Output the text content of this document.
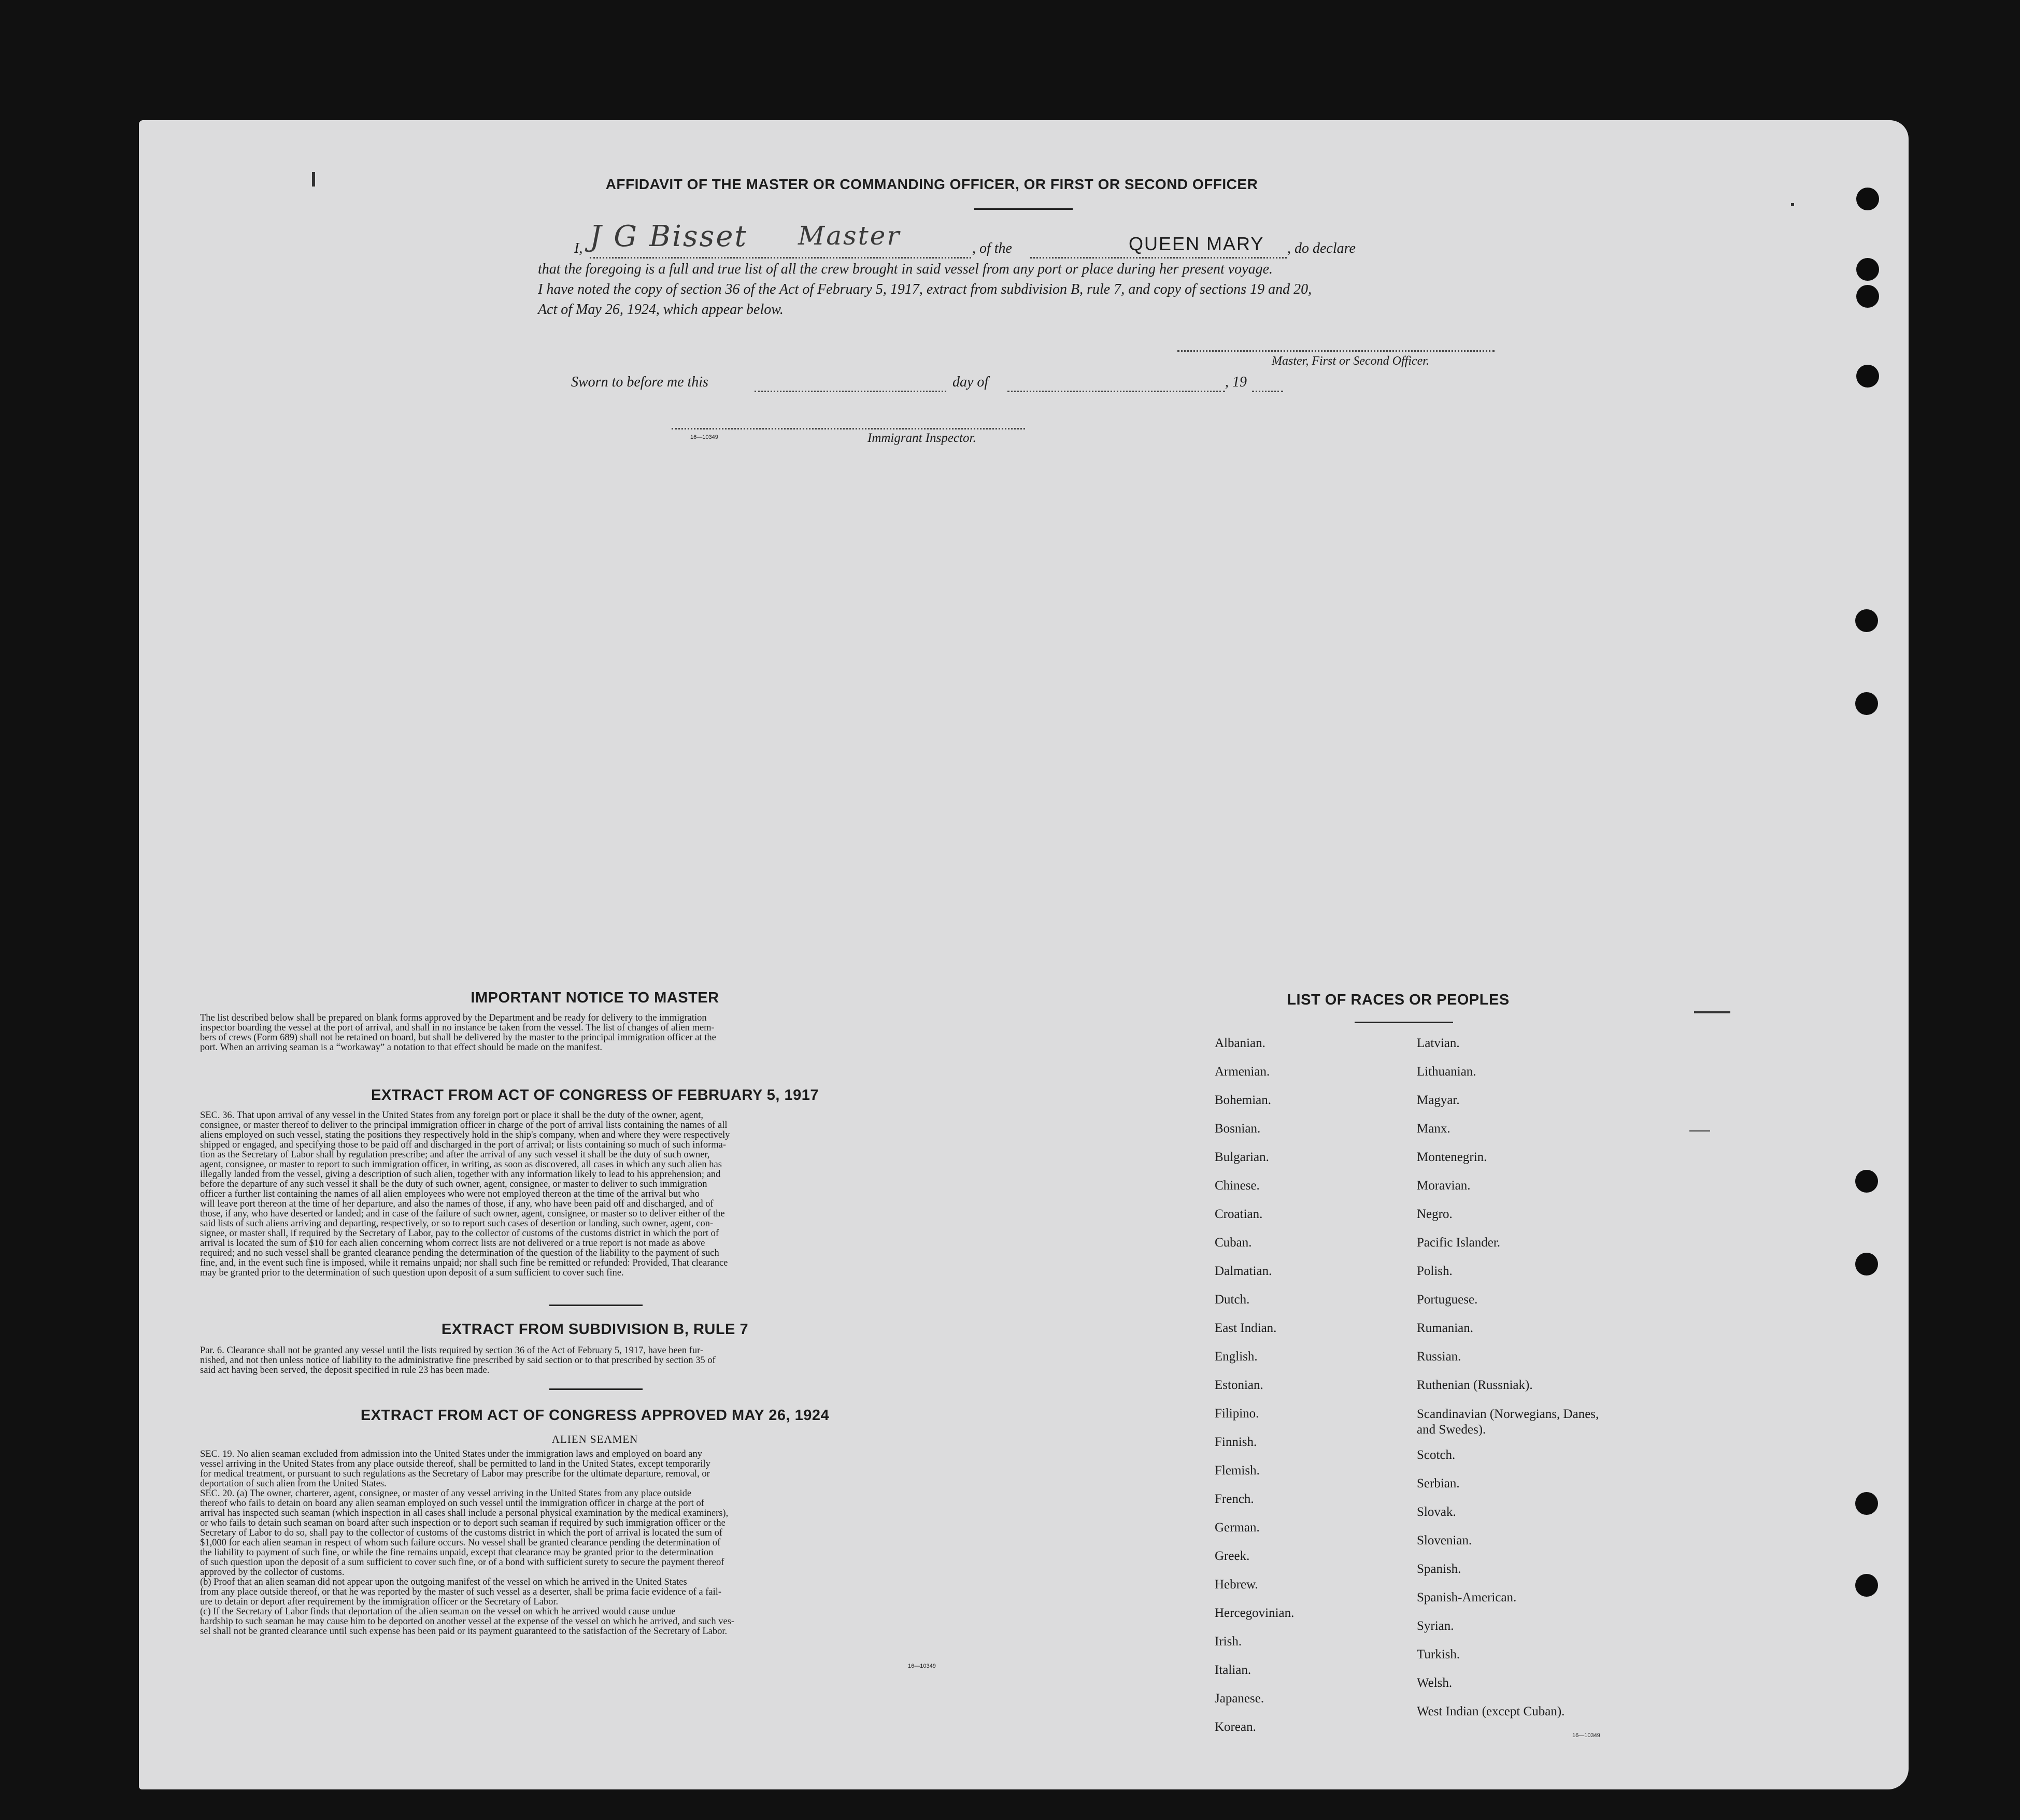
AFFIDAVIT OF THE MASTER OR COMMANDING OFFICER, OR FIRST OR SECOND OFFICER
I, J G Bisset Master	, of the	QUEEN MARY , do declare
that the foregoing is a full and true list of all the crew brought in said vessel from any port or place during her present voyage.
I have noted the copy of section 36 of the Act of February 5, 1917, extract from subdivision B, rule 7, and copy of sections 19 and 20,
Act of May 26, 1924, which appear below.
Master, First or Second Officer.
Sworn to before me this	day of	, 19
16—10349	Immigrant Inspector.
IMPORTANT NOTICE TO MASTER
The list described below shall be prepared on blank forms approved by the Department and be ready for delivery to the immigration
inspector boarding the vessel at the port of arrival, and shall in no instance be taken from the vessel. The list of changes of alien mem-
bers of crews (Form 689) shall not be retained on board, but shall be delivered by the master to the principal immigration officer at the
port. When an arriving seaman is a “workaway” a notation to that effect should be made on the manifest.
EXTRACT FROM ACT OF CONGRESS OF FEBRUARY 5, 1917
SEC. 36. That upon arrival of any vessel in the United States from any foreign port or place it shall be the duty of the owner, agent,
consignee, or master thereof to deliver to the principal immigration officer in charge of the port of arrival lists containing the names of all
aliens employed on such vessel, stating the positions they respectively hold in the ship's company, when and where they were respectively
shipped or engaged, and specifying those to be paid off and discharged in the port of arrival; or lists containing so much of such informa-
tion as the Secretary of Labor shall by regulation prescribe; and after the arrival of any such vessel it shall be the duty of such owner,
agent, consignee, or master to report to such immigration officer, in writing, as soon as discovered, all cases in which any such alien has
illegally landed from the vessel, giving a description of such alien, together with any information likely to lead to his apprehension; and
before the departure of any such vessel it shall be the duty of such owner, agent, consignee, or master to deliver to such immigration
officer a further list containing the names of all alien employees who were not employed thereon at the time of the arrival but who
will leave port thereon at the time of her departure, and also the names of those, if any, who have been paid off and discharged, and of
those, if any, who have deserted or landed; and in case of the failure of such owner, agent, consignee, or master so to deliver either of the
said lists of such aliens arriving and departing, respectively, or so to report such cases of desertion or landing, such owner, agent, con-
signee, or master shall, if required by the Secretary of Labor, pay to the collector of customs of the customs district in which the port of
arrival is located the sum of $10 for each alien concerning whom correct lists are not delivered or a true report is not made as above
required; and no such vessel shall be granted clearance pending the determination of the question of the liability to the payment of such
fine, and, in the event such fine is imposed, while it remains unpaid; nor shall such fine be remitted or refunded: Provided, That clearance
may be granted prior to the determination of such question upon deposit of a sum sufficient to cover such fine.
EXTRACT FROM SUBDIVISION B, RULE 7
Par. 6. Clearance shall not be granted any vessel until the lists required by section 36 of the Act of February 5, 1917, have been fur-
nished, and not then unless notice of liability to the administrative fine prescribed by said section or to that prescribed by section 35 of
said act having been served, the deposit specified in rule 23 has been made.
EXTRACT FROM ACT OF CONGRESS APPROVED MAY 26, 1924
ALIEN SEAMEN
SEC. 19. No alien seaman excluded from admission into the United States under the immigration laws and employed on board any
vessel arriving in the United States from any place outside thereof, shall be permitted to land in the United States, except temporarily
for medical treatment, or pursuant to such regulations as the Secretary of Labor may prescribe for the ultimate departure, removal, or
deportation of such alien from the United States.
SEC. 20. (a) The owner, charterer, agent, consignee, or master of any vessel arriving in the United States from any place outside
thereof who fails to detain on board any alien seaman employed on such vessel until the immigration officer in charge at the port of
arrival has inspected such seaman (which inspection in all cases shall include a personal physical examination by the medical examiners),
or who fails to detain such seaman on board after such inspection or to deport such seaman if required by such immigration officer or the
Secretary of Labor to do so, shall pay to the collector of customs of the customs district in which the port of arrival is located the sum of
$1,000 for each alien seaman in respect of whom such failure occurs. No vessel shall be granted clearance pending the determination of
the liability to payment of such fine, or while the fine remains unpaid, except that clearance may be granted prior to the determination
of such question upon the deposit of a sum sufficient to cover such fine, or of a bond with sufficient surety to secure the payment thereof
approved by the collector of customs.
(b) Proof that an alien seaman did not appear upon the outgoing manifest of the vessel on which he arrived in the United States
from any place outside thereof, or that he was reported by the master of such vessel as a deserter, shall be prima facie evidence of a fail-
ure to detain or deport after requirement by the immigration officer or the Secretary of Labor.
(c) If the Secretary of Labor finds that deportation of the alien seaman on the vessel on which he arrived would cause undue
hardship to such seaman he may cause him to be deported on another vessel at the expense of the vessel on which he arrived, and such ves-
sel shall not be granted clearance until such expense has been paid or its payment guaranteed to the satisfaction of the Secretary of Labor.
16—10349
LIST OF RACES OR PEOPLES
Albanian.
Armenian.
Bohemian.
Bosnian.
Bulgarian.
Chinese.
Croatian.
Cuban.
Dalmatian.
Dutch.
East Indian.
English.
Estonian.
Filipino.
Finnish.
Flemish.
French.
German.
Greek.
Hebrew.
Hercegovinian.
Irish.
Italian.
Japanese.
Korean.
Latvian.
Lithuanian.
Magyar.
Manx.
Montenegrin.
Moravian.
Negro.
Pacific Islander.
Polish.
Portuguese.
Rumanian.
Russian.
Ruthenian (Russniak).
Scandinavian (Norwegians, Danes, and Swedes).
Scotch.
Serbian.
Slovak.
Slovenian.
Spanish.
Spanish-American.
Syrian.
Turkish.
Welsh.
West Indian (except Cuban).
16—10349
